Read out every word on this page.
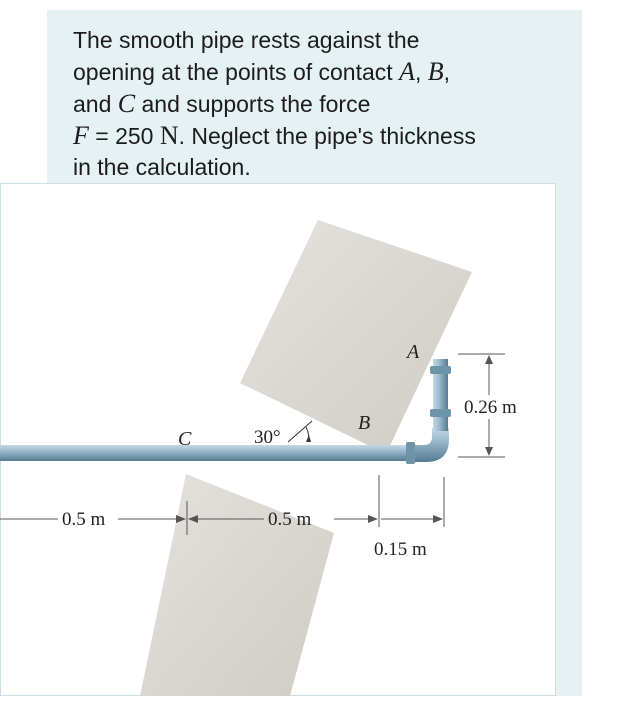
The smooth pipe rests against the
opening at the points of contact A, B,
and C and supports the force
F = 250 N. Neglect the pipe's thickness
in the calculation.
A
B
C	30°
0.26 m
0.5 m	0.5 m
0.15 m
